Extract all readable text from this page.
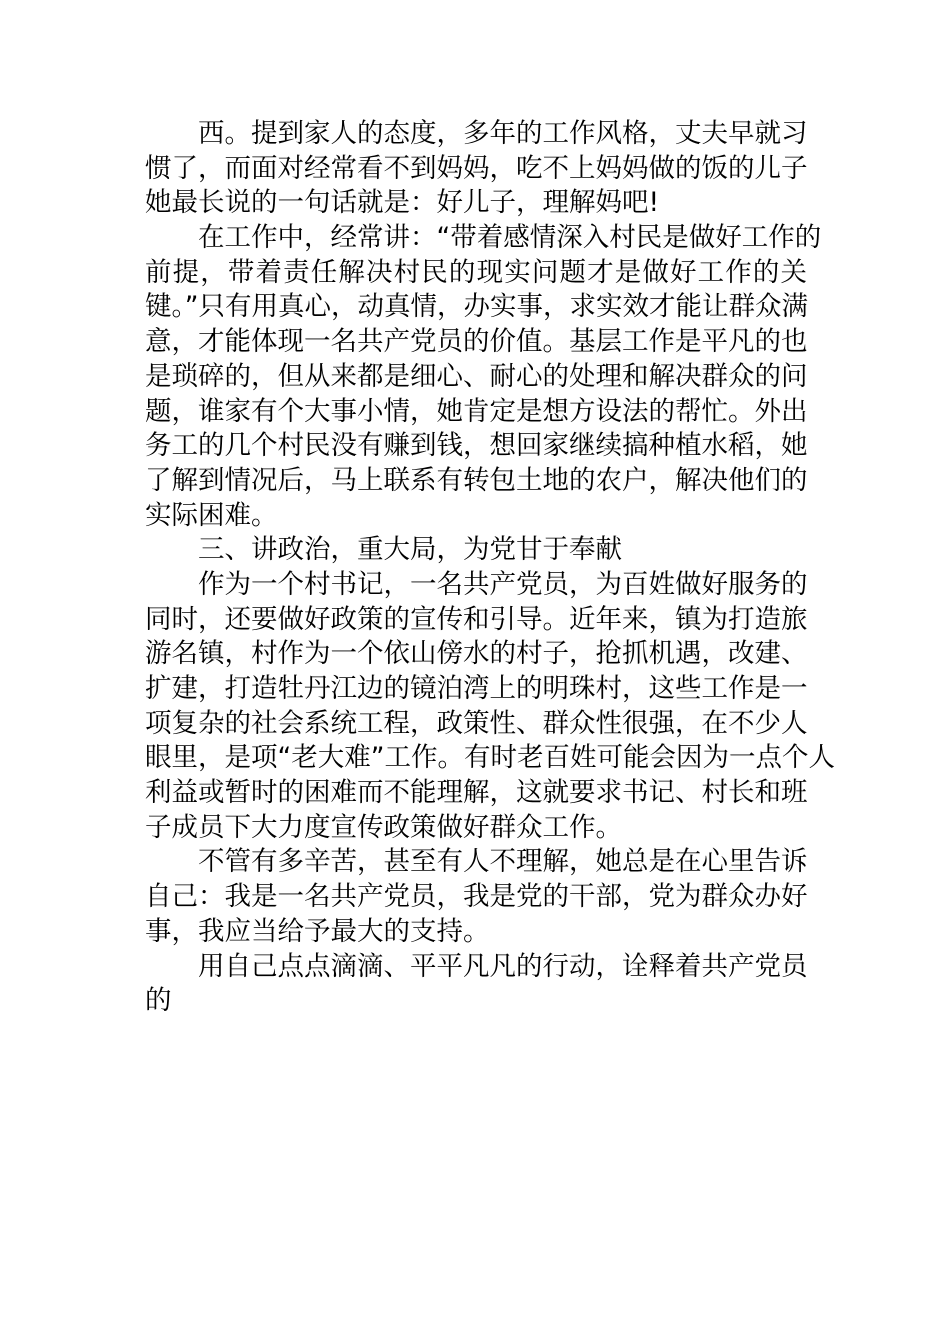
西。提到家人的态度，多年的工作风格，丈夫早就习
惯了，而面对经常看不到妈妈，吃不上妈妈做的饭的儿子
她最长说的一句话就是：好儿子，理解妈吧!
在工作中，经常讲：“带着感情深入村民是做好工作的
前提，带着责任解决村民的现实问题才是做好工作的关
键。”只有用真心，动真情，办实事，求实效才能让群众满
意，才能体现一名共产党员的价值。基层工作是平凡的也
是琐碎的，但从来都是细心、耐心的处理和解决群众的问
题，谁家有个大事小情，她肯定是想方设法的帮忙。外出
务工的几个村民没有赚到钱，想回家继续搞种植水稻，她
了解到情况后，马上联系有转包土地的农户，解决他们的
实际困难。
三、讲政治，重大局，为党甘于奉献
作为一个村书记，一名共产党员，为百姓做好服务的
同时，还要做好政策的宣传和引导。近年来，镇为打造旅
游名镇，村作为一个依山傍水的村子，抢抓机遇，改建、
扩建，打造牡丹江边的镜泊湾上的明珠村，这些工作是一
项复杂的社会系统工程，政策性、群众性很强，在不少人
眼里，是项“老大难”工作。有时老百姓可能会因为一点个人
利益或暂时的困难而不能理解，这就要求书记、村长和班
子成员下大力度宣传政策做好群众工作。
不管有多辛苦，甚至有人不理解，她总是在心里告诉
自己：我是一名共产党员，我是党的干部，党为群众办好
事，我应当给予最大的支持。
用自己点点滴滴、平平凡凡的行动，诠释着共产党员
的
